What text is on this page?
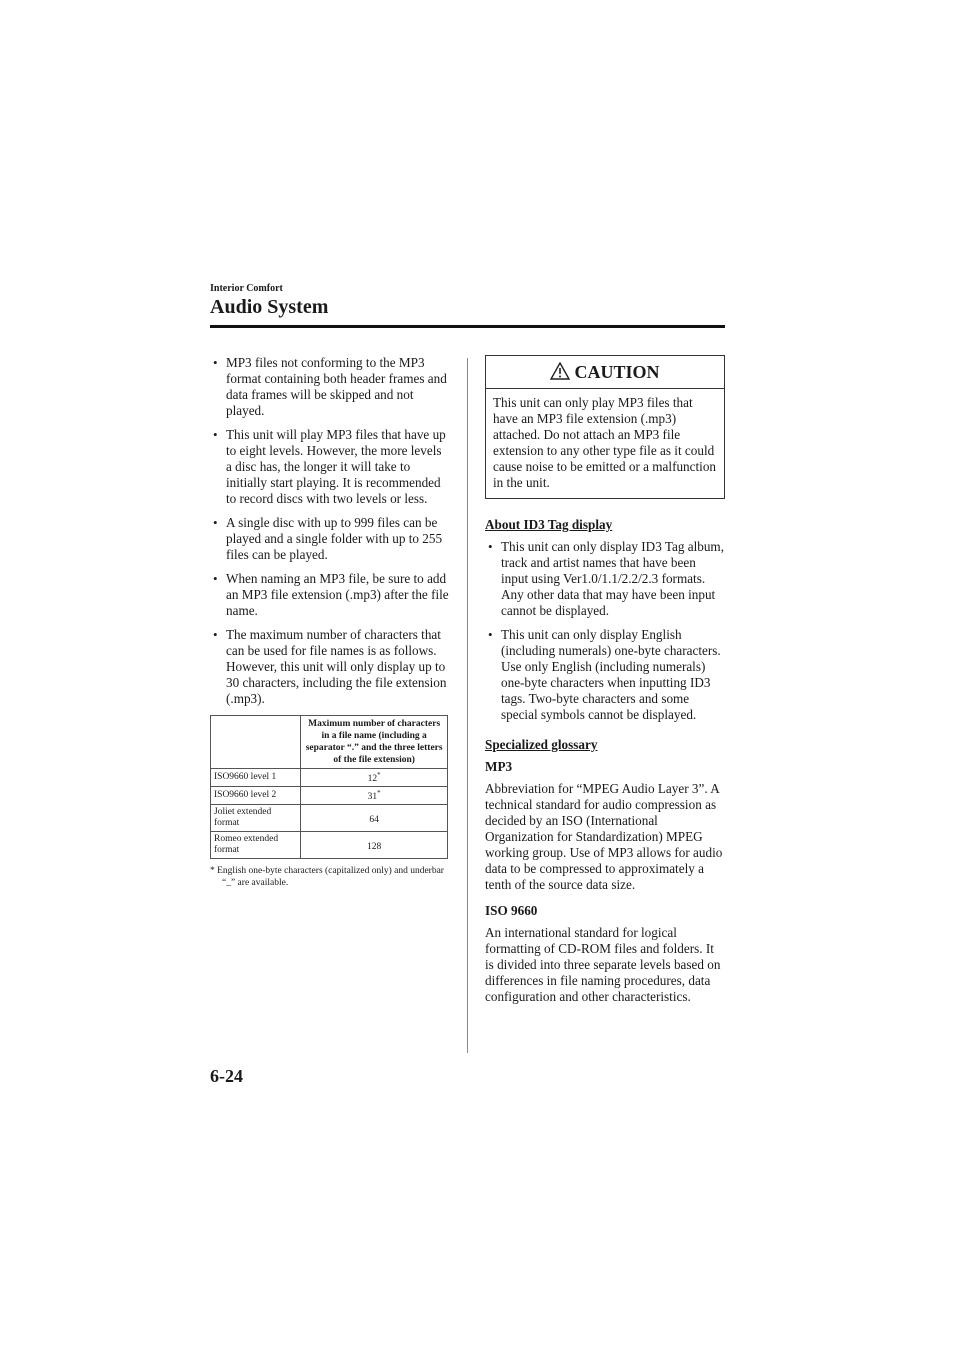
Interior Comfort
Audio System
• MP3 files not conforming to the MP3 format containing both header frames and data frames will be skipped and not played.
• This unit will play MP3 files that have up to eight levels. However, the more levels a disc has, the longer it will take to initially start playing. It is recommended to record discs with two levels or less.
• A single disc with up to 999 files can be played and a single folder with up to 255 files can be played.
• When naming an MP3 file, be sure to add an MP3 file extension (.mp3) after the file name.
• The maximum number of characters that can be used for file names is as follows. However, this unit will only display up to 30 characters, including the file extension (.mp3).
	Maximum number of characters in a file name (including a separator “.” and the three letters of the file extension)
ISO9660 level 1	12*
ISO9660 level 2	31*
Joliet extended format	64
Romeo extended format	128
* English one-byte characters (capitalized only) and underbar “_” are available.
CAUTION
This unit can only play MP3 files that have an MP3 file extension (.mp3) attached. Do not attach an MP3 file extension to any other type file as it could cause noise to be emitted or a malfunction in the unit.
About ID3 Tag display
• This unit can only display ID3 Tag album, track and artist names that have been input using Ver1.0/1.1/2.2/2.3 formats. Any other data that may have been input cannot be displayed.
• This unit can only display English (including numerals) one-byte characters. Use only English (including numerals) one-byte characters when inputting ID3 tags. Two-byte characters and some special symbols cannot be displayed.
Specialized glossary
MP3

Abbreviation for “MPEG Audio Layer 3”. A technical standard for audio compression as decided by an ISO (International Organization for Standardization) MPEG working group. Use of MP3 allows for audio data to be compressed to approximately a tenth of the source data size.

ISO 9660

An international standard for logical formatting of CD-ROM files and folders. It is divided into three separate levels based on differences in file naming procedures, data configuration and other characteristics.

6-24
